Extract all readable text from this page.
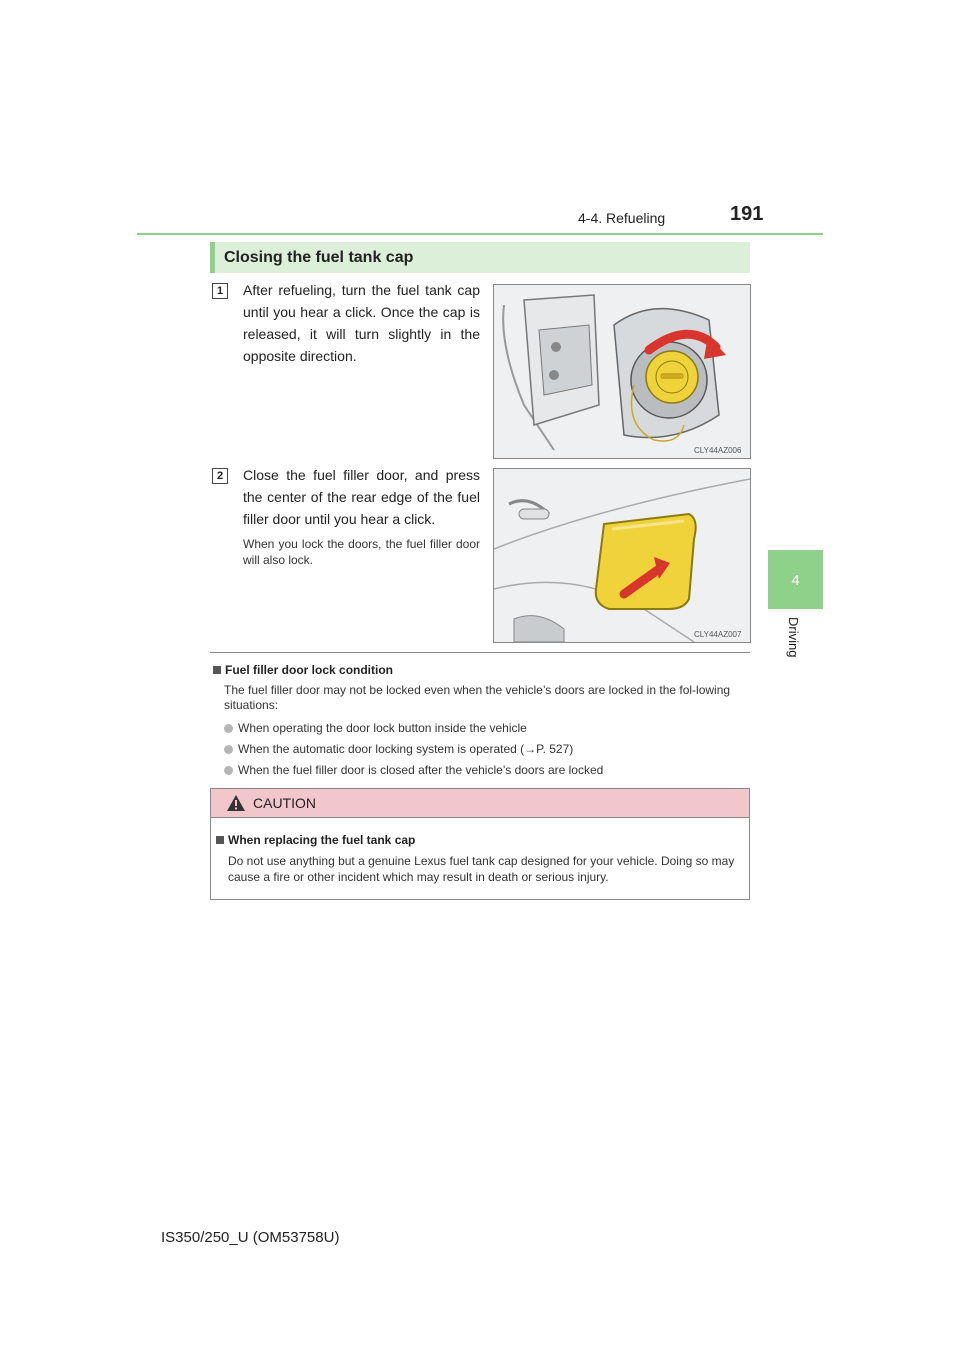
4-4. Refueling	191
4
Driving
Closing the fuel tank cap
1	After refueling, turn the fuel tank cap until you hear a click. Once the cap is released, it will turn slightly in the opposite direction.
CLY44AZ006
2	Close the fuel filler door, and press the center of the rear edge of the fuel filler door until you hear a click.
When you lock the doors, the fuel filler door will also lock.
CLY44AZ007
Fuel filler door lock condition
The fuel filler door may not be locked even when the vehicle’s doors are locked in the fol-lowing situations:
When operating the door lock button inside the vehicle
When the automatic door locking system is operated (→P. 527)
When the fuel filler door is closed after the vehicle’s doors are locked
CAUTION
When replacing the fuel tank cap
Do not use anything but a genuine Lexus fuel tank cap designed for your vehicle. Doing so may cause a fire or other incident which may result in death or serious injury.
IS350/250_U (OM53758U)
